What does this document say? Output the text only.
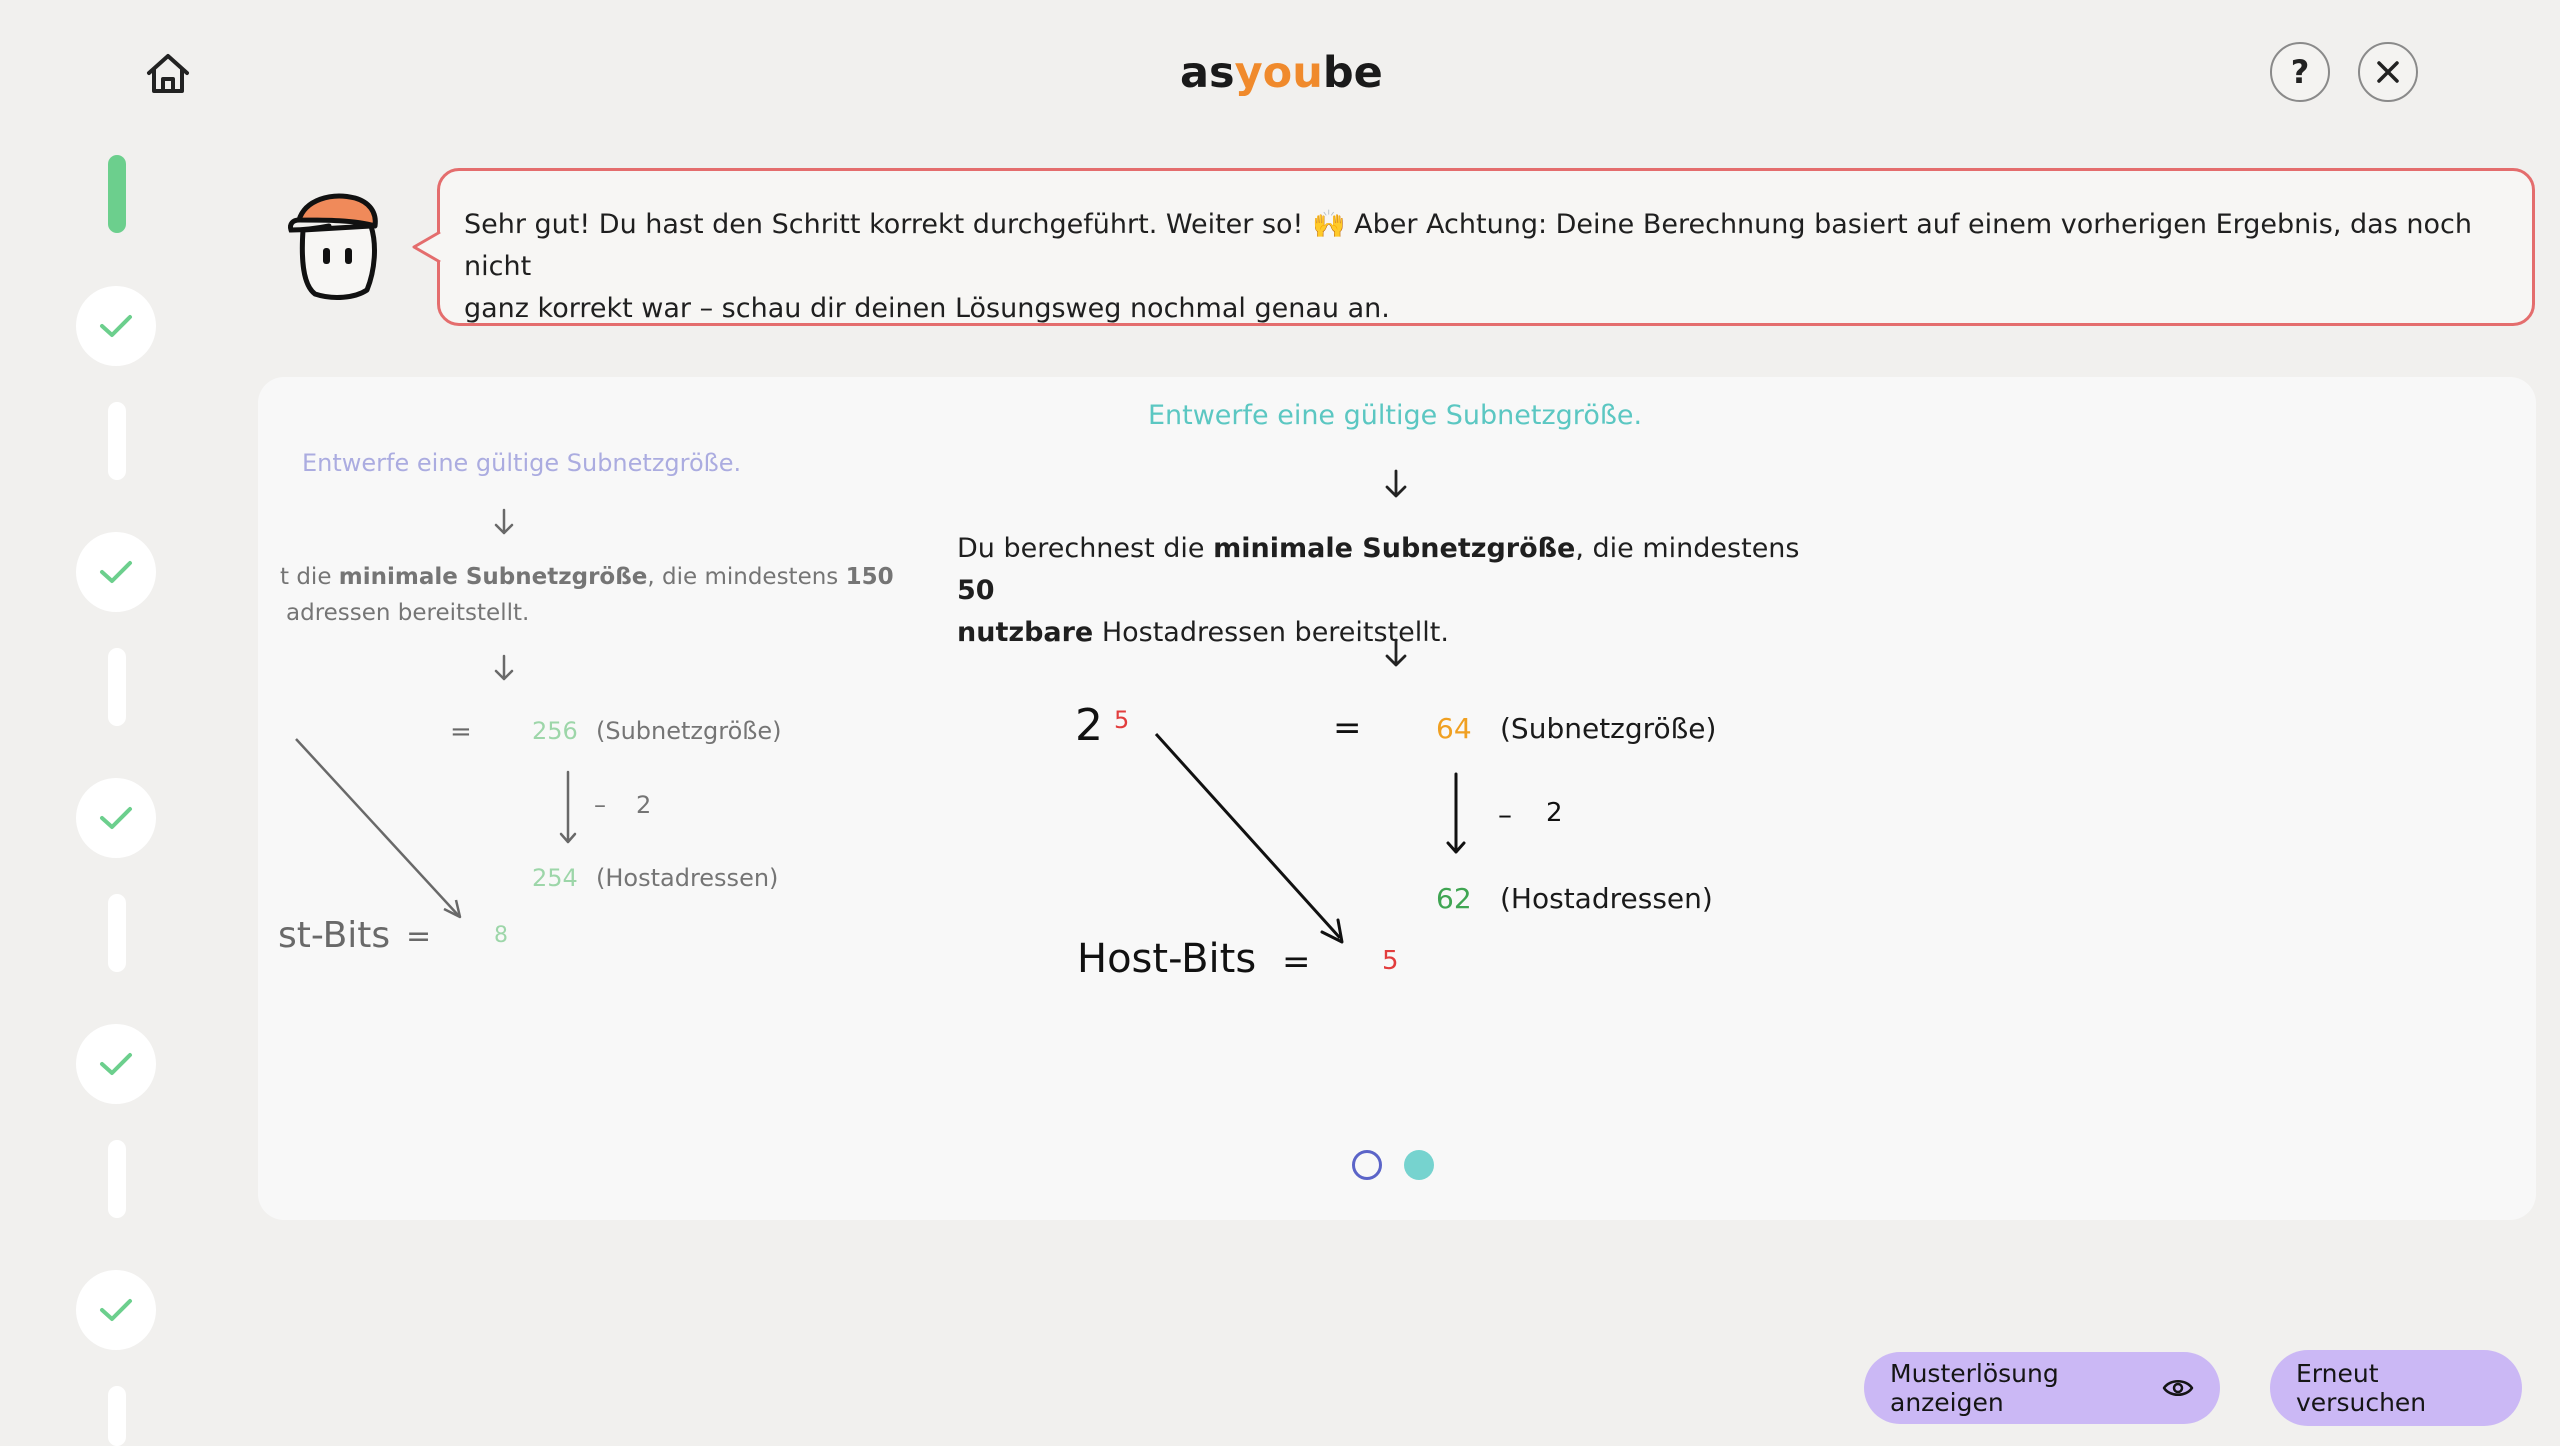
asyoube	?
Sehr gut! Du hast den Schritt korrekt durchgeführt. Weiter so! 🙌 Aber Achtung: Deine Berechnung basiert auf einem vorherigen Ergebnis, das noch nicht
ganz korrekt war – schau dir deinen Lösungsweg nochmal genau an.
Entwerfe eine gültige Subnetzgröße.
t die minimale Subnetzgröße, die mindestens 150
adressen bereitstellt.
=	256 (Subnetzgröße)
– 2
254 (Hostadressen)
st-Bits =	8
Entwerfe eine gültige Subnetzgröße.
Du berechnest die minimale Subnetzgröße, die mindestens 50
nutzbare Hostadressen bereitstellt.
2 5	=	64 (Subnetzgröße)
– 2
62 (Hostadressen)
Host-Bits =	5
Musterlösung anzeigen
Erneut versuchen
